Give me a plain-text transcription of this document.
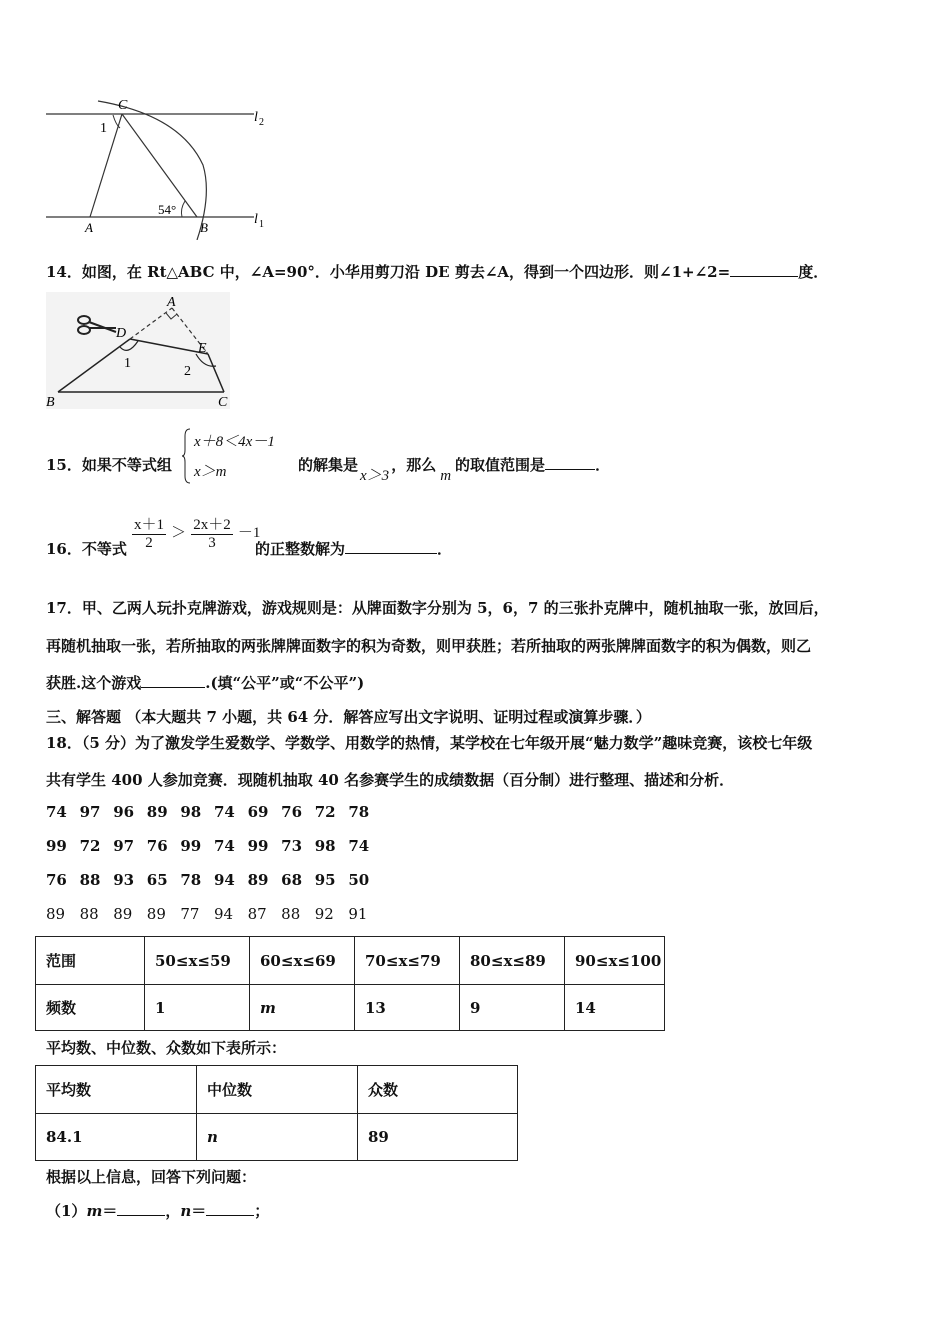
C
1
54°
A	B
l 2
l 1
14．如图，在 Rt△ABC 中，∠A=90°．小华用剪刀沿 DE 剪去∠A，得到一个四边形．则∠1+∠2=	度．
A
D
E
1
2
B	C
15．如果不等式组
x＋8＜4x－1
x＞m	的解集是x＞3，那么m的取值范围是	．
16．不等式 $\frac{x+1}{2} > \frac{2x+2}{3} -1$
的正整数解为	．
17．甲、乙两人玩扑克牌游戏，游戏规则是：从牌面数字分别为 5，6，7 的三张扑克牌中，随机抽取一张，放回后，
再随机抽取一张，若所抽取的两张牌牌面数字的积为奇数，则甲获胜；若所抽取的两张牌牌面数字的积为偶数，则乙
获胜.这个游戏	.(填“公平”或“不公平”)
三、解答题 （本大题共 7 小题，共 64 分．解答应写出文字说明、证明过程或演算步骤．）
18．（5 分）为了激发学生爱数学、学数学、用数学的热情，某学校在七年级开展“魅力数学”趣味竞赛，该校七年级
共有学生 400 人参加竞赛．现随机抽取 40 名参赛学生的成绩数据（百分制）进行整理、描述和分析．
74 97 96 89 98 74 69 76 72 78
99 72 97 76 99 74 99 73 98 74
76 88 93 65 78 94 89 68 95 50
89 88 89 89 77 94 87 88 92 91
范围	50≤x≤59	60≤x≤69	70≤x≤79	80≤x≤89	90≤x≤100
频数	1	m	13	9	14
平均数、中位数、众数如下表所示：
平均数	中位数	众数
84.1	n	89
根据以上信息，回答下列问题：
（1）m＝	，n＝	；
